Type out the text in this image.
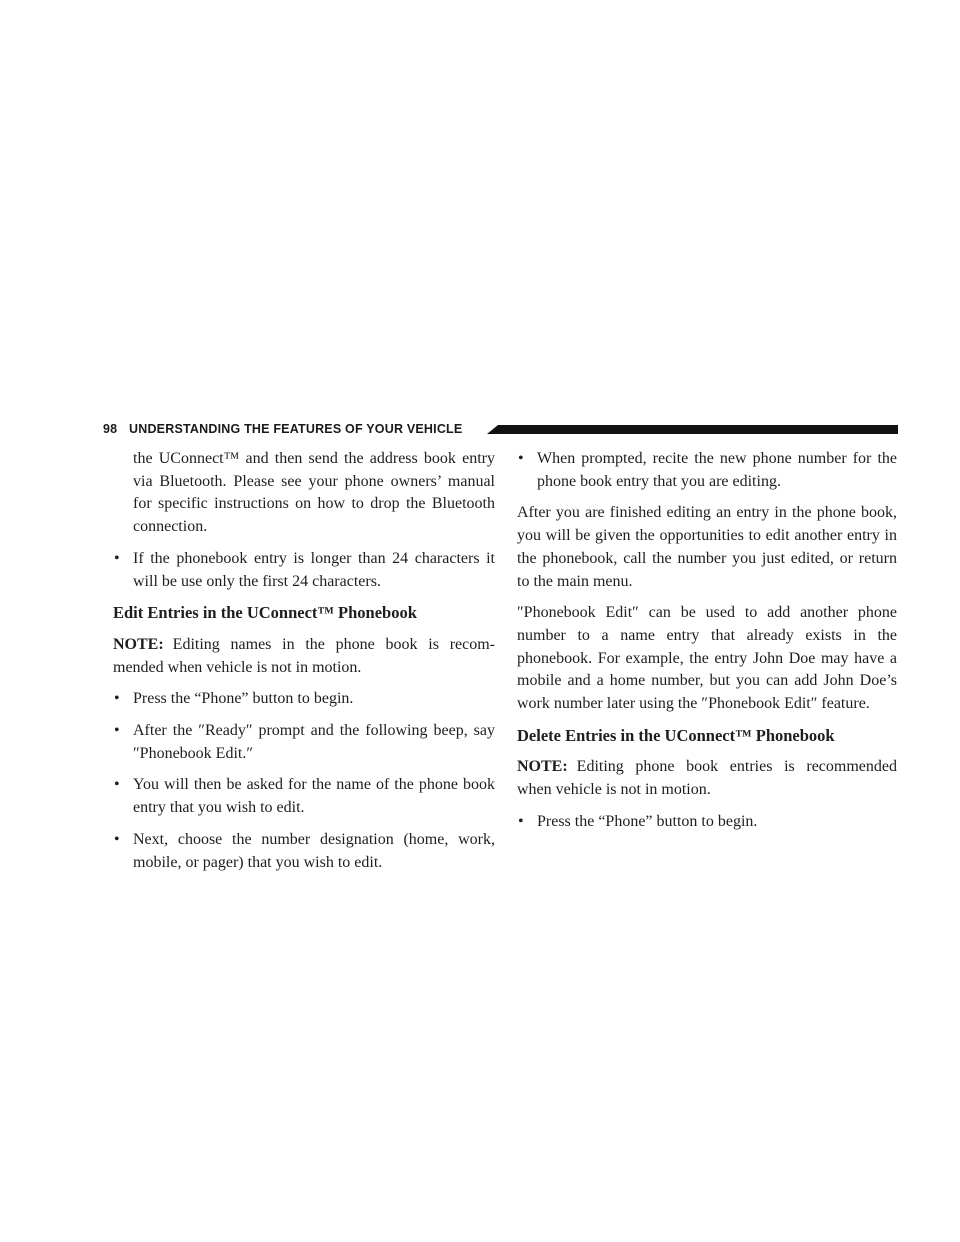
98 UNDERSTANDING THE FEATURES OF YOUR VEHICLE

the UConnect™ and then send the address book entry via Bluetooth. Please see your phone owners’ manual for specific instructions on how to drop the Bluetooth connection.

• If the phonebook entry is longer than 24 characters it will be use only the first 24 characters.

Edit Entries in the UConnect™ Phonebook

NOTE: Editing names in the phone book is recom- mended when vehicle is not in motion.

• Press the “Phone” button to begin.
• After the ″Ready″ prompt and the following beep, say ″Phonebook Edit.″
• You will then be asked for the name of the phone book entry that you wish to edit.
• Next, choose the number designation (home, work, mobile, or pager) that you wish to edit.
• When prompted, recite the new phone number for the phone book entry that you are editing.

After you are finished editing an entry in the phone book, you will be given the opportunities to edit another entry in the phonebook, call the number you just edited, or return to the main menu.

″Phonebook Edit″ can be used to add another phone number to a name entry that already exists in the phonebook. For example, the entry John Doe may have a mobile and a home number, but you can add John Doe’s work number later using the ″Phonebook Edit″ feature.

Delete Entries in the UConnect™ Phonebook

NOTE: Editing phone book entries is recommended when vehicle is not in motion.

• Press the “Phone” button to begin.
